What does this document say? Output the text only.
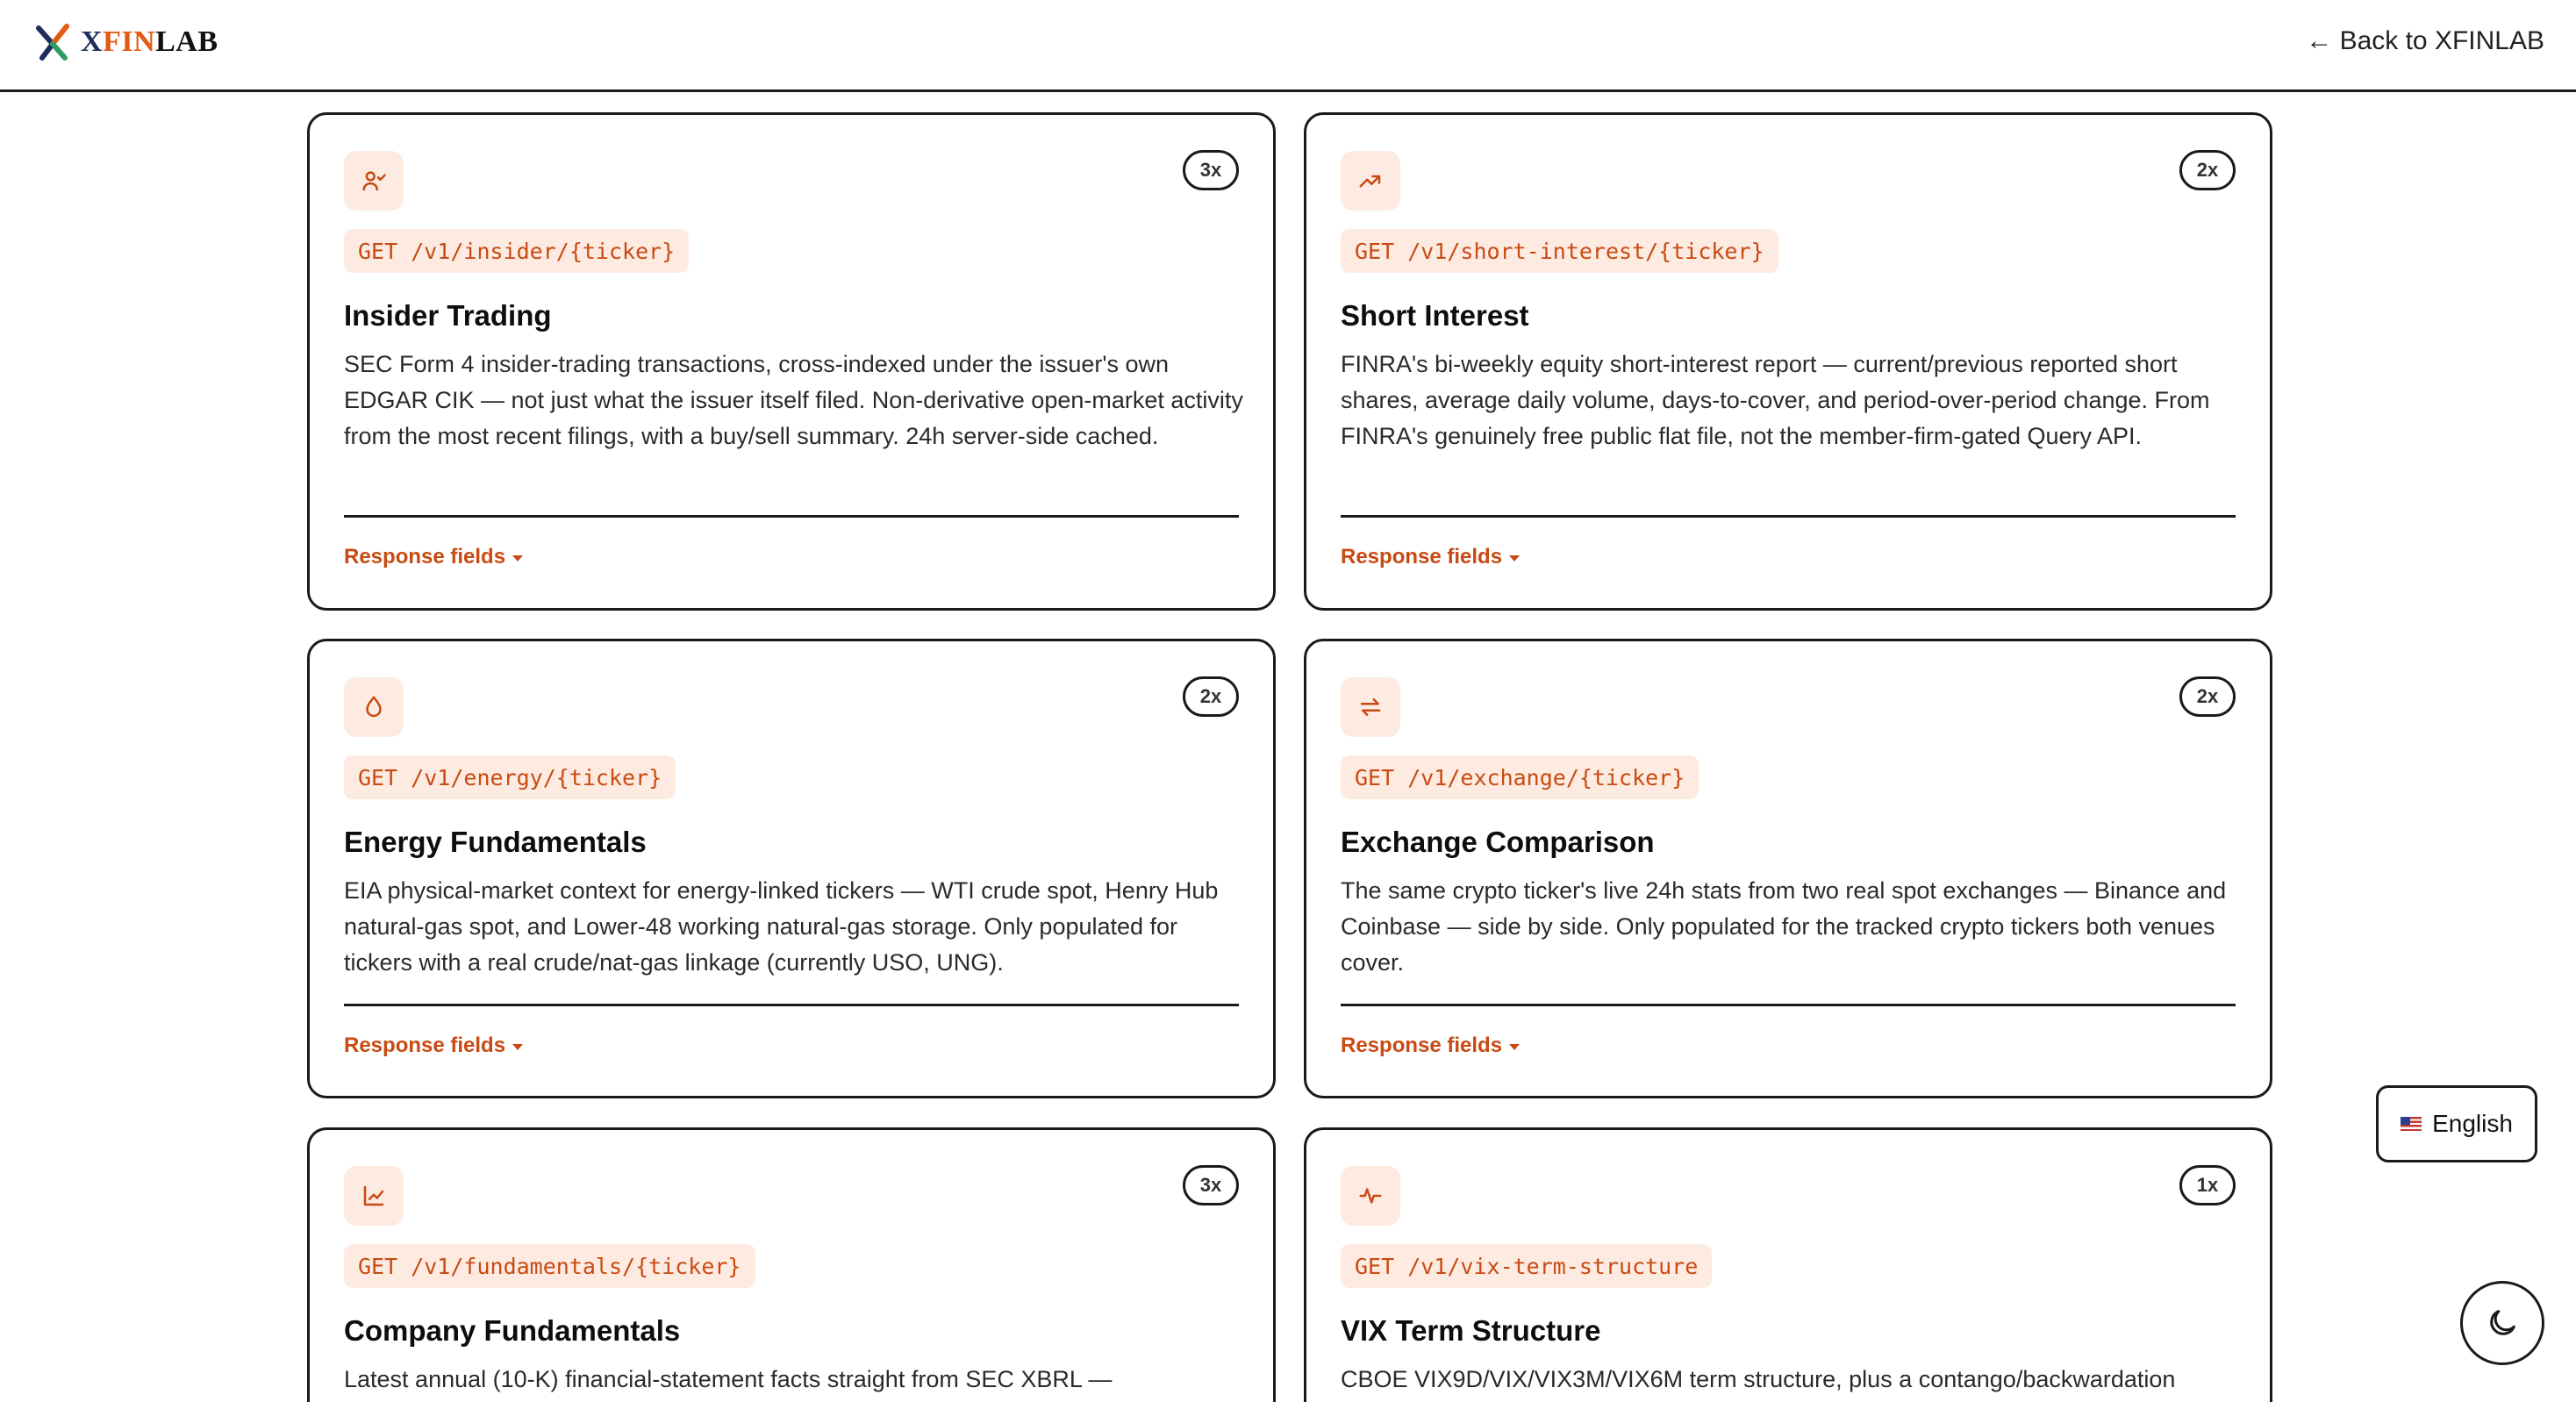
XFINLAB	← Back to XFINLAB
3x
GET /v1/insider/{ticker}
Insider Trading
SEC Form 4 insider-trading transactions, cross-indexed under the issuer's own EDGAR CIK — not just what the issuer itself filed. Non-derivative open-market activity from the most recent filings, with a buy/sell summary. 24h server-side cached.
Response fields
2x
GET /v1/short-interest/{ticker}
Short Interest
FINRA's bi-weekly equity short-interest report — current/previous reported short shares, average daily volume, days-to-cover, and period-over-period change. From FINRA's genuinely free public flat file, not the member-firm-gated Query API.
Response fields
2x
GET /v1/energy/{ticker}
Energy Fundamentals
EIA physical-market context for energy-linked tickers — WTI crude spot, Henry Hub natural-gas spot, and Lower-48 working natural-gas storage. Only populated for tickers with a real crude/nat-gas linkage (currently USO, UNG).
Response fields
2x
GET /v1/exchange/{ticker}
Exchange Comparison
The same crypto ticker's live 24h stats from two real spot exchanges — Binance and Coinbase — side by side. Only populated for the tracked crypto tickers both venues cover.
Response fields
3x
GET /v1/fundamentals/{ticker}
Company Fundamentals
Latest annual (10-K) financial-statement facts straight from SEC XBRL —
1x
GET /v1/vix-term-structure
VIX Term Structure
CBOE VIX9D/VIX/VIX3M/VIX6M term structure, plus a contango/backwardation
English
